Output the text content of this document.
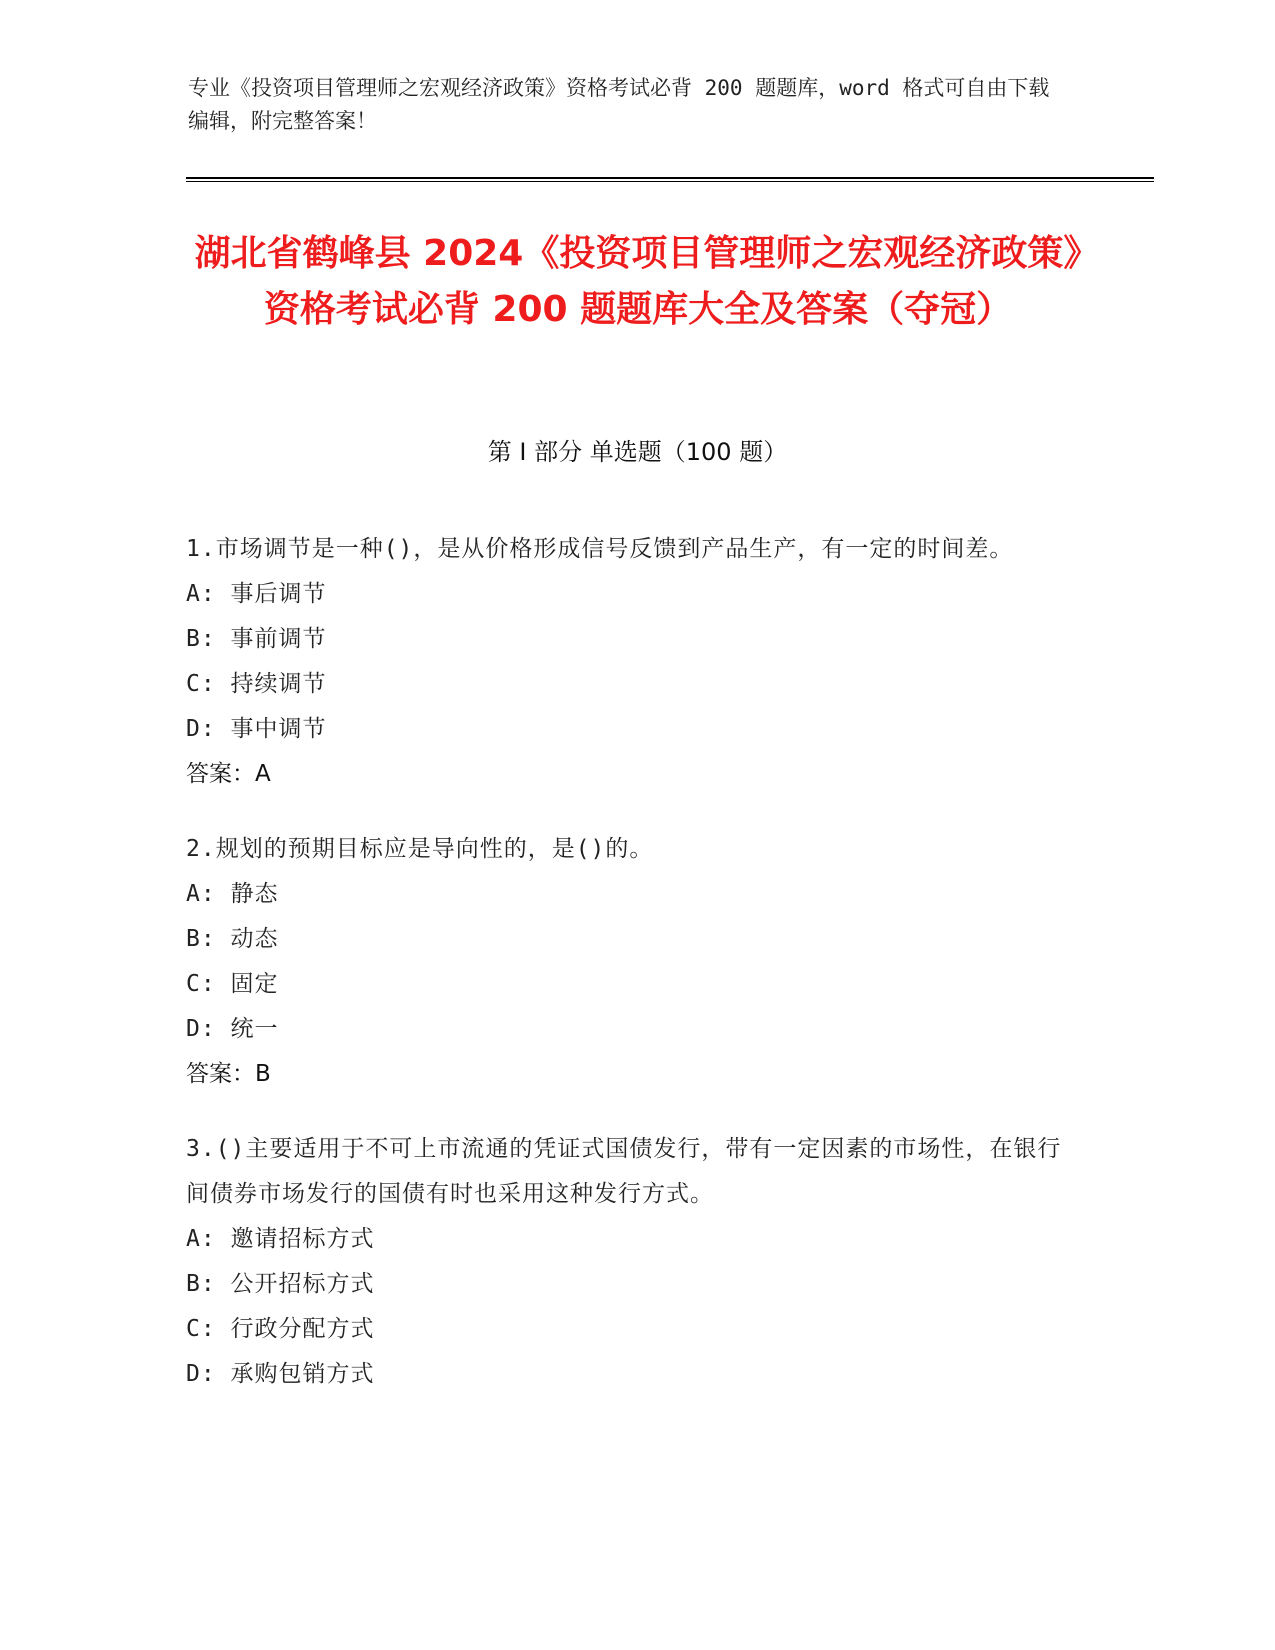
专业《投资项目管理师之宏观经济政策》资格考试必背 200 题题库，word 格式可自由下载编辑，附完整答案！
湖北省鹤峰县 2024《投资项目管理师之宏观经济政策》资格考试必背 200 题题库大全及答案（夺冠）
第 I 部分 单选题（100 题）
1.市场调节是一种()，是从价格形成信号反馈到产品生产，有一定的时间差。
A: 事后调节
B: 事前调节
C: 持续调节
D: 事中调节
答案：A
2.规划的预期目标应是导向性的，是()的。
A: 静态
B: 动态
C: 固定
D: 统一
答案：B
3.()主要适用于不可上市流通的凭证式国债发行，带有一定因素的市场性，在银行间债券市场发行的国债有时也采用这种发行方式。
A: 邀请招标方式
B: 公开招标方式
C: 行政分配方式
D: 承购包销方式
